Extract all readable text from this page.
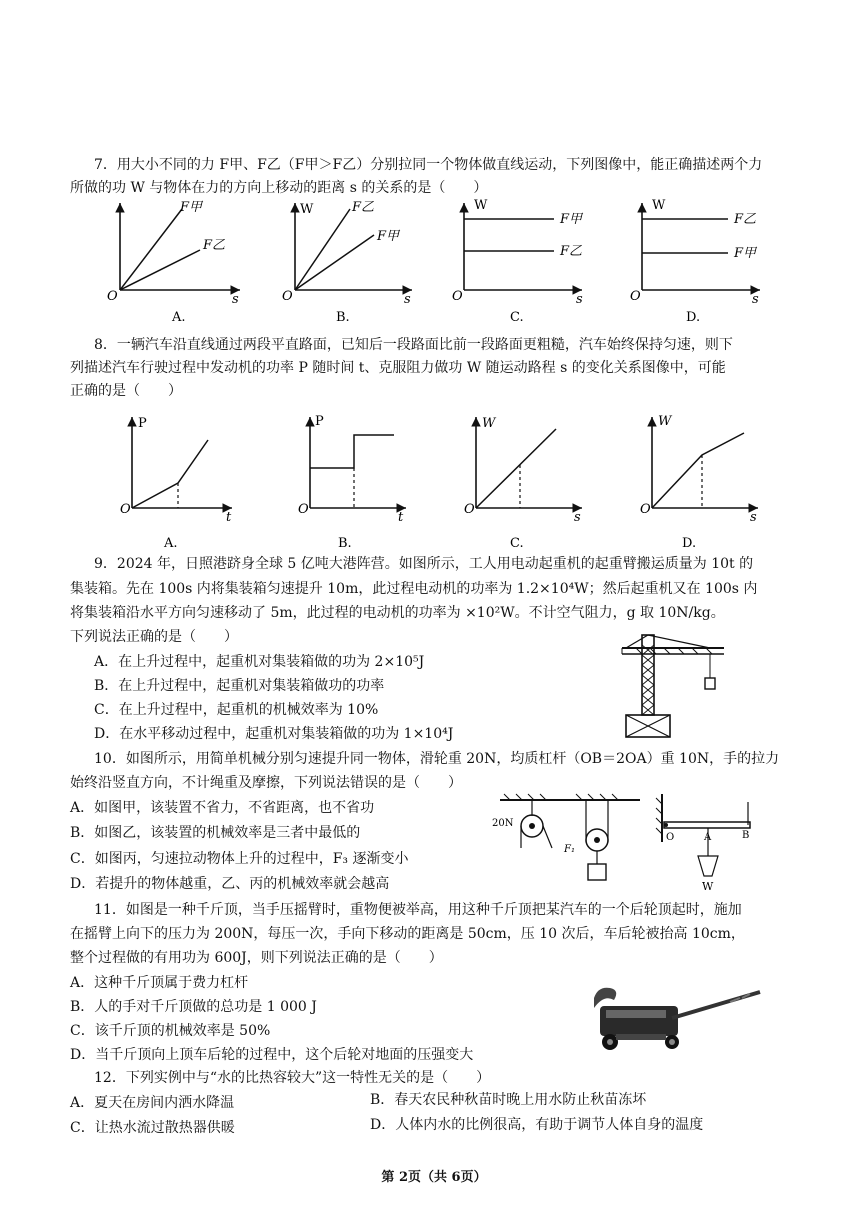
7．用大小不同的力 F甲、F乙（F甲＞F乙）分别拉同一个物体做直线运动，下列图像中，能正确描述两个力
所做的功 W 与物体在力的方向上移动的距离 s 的关系的是（　　）
O	s
F甲
F乙
A.
O
W
s
F乙
F甲
B.
O
W
s
F甲
F乙
C.
O
W
s
F乙
F甲
D.
8．一辆汽车沿直线通过两段平直路面，已知后一段路面比前一段路面更粗糙，汽车始终保持匀速，则下
列描述汽车行驶过程中发动机的功率 P 随时间 t、克服阻力做功 W 随运动路程 s 的变化关系图像中，可能
正确的是（　　）
O
P
t
A.
O
P
t
B.
O
W
s
C.
O
W
s
D.
9．2024 年，日照港跻身全球 5 亿吨大港阵营。如图所示，工人用电动起重机的起重臂搬运质量为 10t 的
集装箱。先在 100s 内将集装箱匀速提升 10m，此过程电动机的功率为 1.2×10⁴W；然后起重机又在 100s 内
将集装箱沿水平方向匀速移动了 5m，此过程的电动机的功率为 ×10²W。不计空气阻力，g 取 10N/kg。
下列说法正确的是（　　）
A．在上升过程中，起重机对集装箱做的功为 2×10⁵J
B．在上升过程中，起重机对集装箱做功的功率
C．在上升过程中，起重机的机械效率为 10%
D．在水平移动过程中，起重机对集装箱做的功为 1×10⁴J
10．如图所示，用简单机械分别匀速提升同一物体，滑轮重 20N，均质杠杆（OB＝2OA）重 10N，手的拉力
始终沿竖直方向，不计绳重及摩擦，下列说法错误的是（　　）
A．如图甲，该装置不省力，不省距离，也不省功
B．如图乙，该装置的机械效率是三者中最低的
C．如图丙，匀速拉动物体上升的过程中，F₃ 逐渐变小
D．若提升的物体越重，乙、丙的机械效率就会越高
20N
F₁
O	A	B
W
11．如图是一种千斤顶，当手压摇臂时，重物便被举高，用这种千斤顶把某汽车的一个后轮顶起时，施加
在摇臂上向下的压力为 200N，每压一次，手向下移动的距离是 50cm，压 10 次后，车后轮被抬高 10cm，
整个过程做的有用功为 600J，则下列说法正确的是（　　）
A．这种千斤顶属于费力杠杆
B．人的手对千斤顶做的总功是 1 000 J
C．该千斤顶的机械效率是 50%
D．当千斤顶向上顶车后轮的过程中，这个后轮对地面的压强变大
12．下列实例中与“水的比热容较大”这一特性无关的是（　　）
A．夏天在房间内洒水降温	B．春天农民种秋苗时晚上用水防止秋苗冻坏
C．让热水流过散热器供暖	D．人体内水的比例很高，有助于调节人体自身的温度
第 2页（共 6页）
